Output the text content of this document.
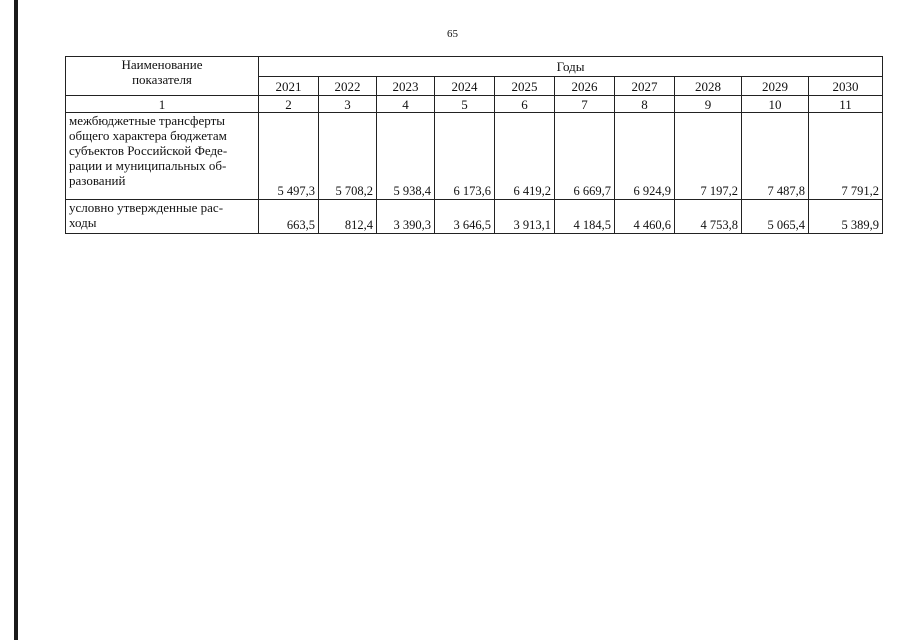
65
Наименование
показателя	Годы									
	2021	2022	2023	2024	2025	2026	2027	2028	2029	2030
1	2	3	4	5	6	7	8	9	10	11

межбюджетные трансферты
общего характера бюджетам
субъектов Российской Феде-
рации и муниципальных об-
разований	5 497,3	5 708,2	5 938,4	6 173,6	6 419,2	6 669,7	6 924,9	7 197,2	7 487,8	7 791,2

условно утвержденные рас-
ходы	663,5	812,4	3 390,3	3 646,5	3 913,1	4 184,5	4 460,6	4 753,8	5 065,4	5 389,9
